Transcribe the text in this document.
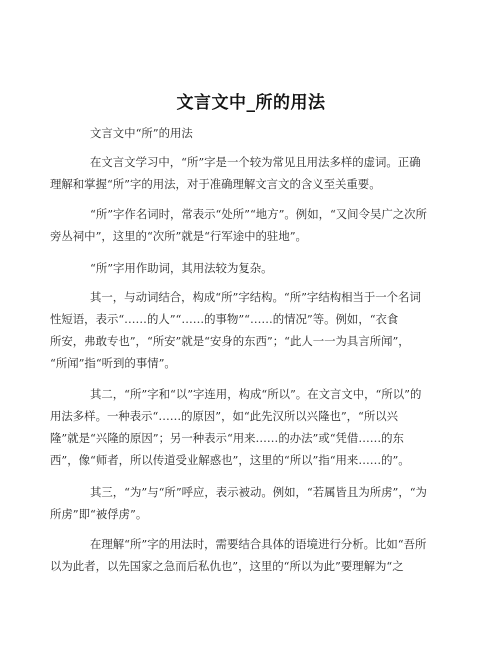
文言文中_所的用法
文言文中“所”的用法
在文言文学习中，“所”字是一个较为常见且用法多样的虚词。正确
理解和掌握“所”字的用法，对于准确理解文言文的含义至关重要。
“所”字作名词时，常表示“处所”“地方”。例如，“又间令吴广之次所
旁丛祠中”，这里的“次所”就是“行军途中的驻地”。
“所”字用作助词，其用法较为复杂。
其一，与动词结合，构成“所”字结构。“所”字结构相当于一个名词
性短语，表示“……的人”“……的事物”“……的情况”等。例如，“衣食
所安，弗敢专也”，“所安”就是“安身的东西”；“此人一一为具言所闻”，
“所闻”指“听到的事情”。
其二，“所”字和“以”字连用，构成“所以”。在文言文中，“所以”的
用法多样。一种表示“……的原因”，如“此先汉所以兴隆也”，“所以兴
隆”就是“兴隆的原因”；另一种表示“用来……的办法”或“凭借……的东
西”，像“师者，所以传道受业解惑也”，这里的“所以”指“用来……的”。
其三，“为”与“所”呼应，表示被动。例如，“若属皆且为所虏”，“为
所虏”即“被俘虏”。
在理解“所”字的用法时，需要结合具体的语境进行分析。比如“吾所
以为此者，以先国家之急而后私仇也”，这里的“所以为此”要理解为“之
